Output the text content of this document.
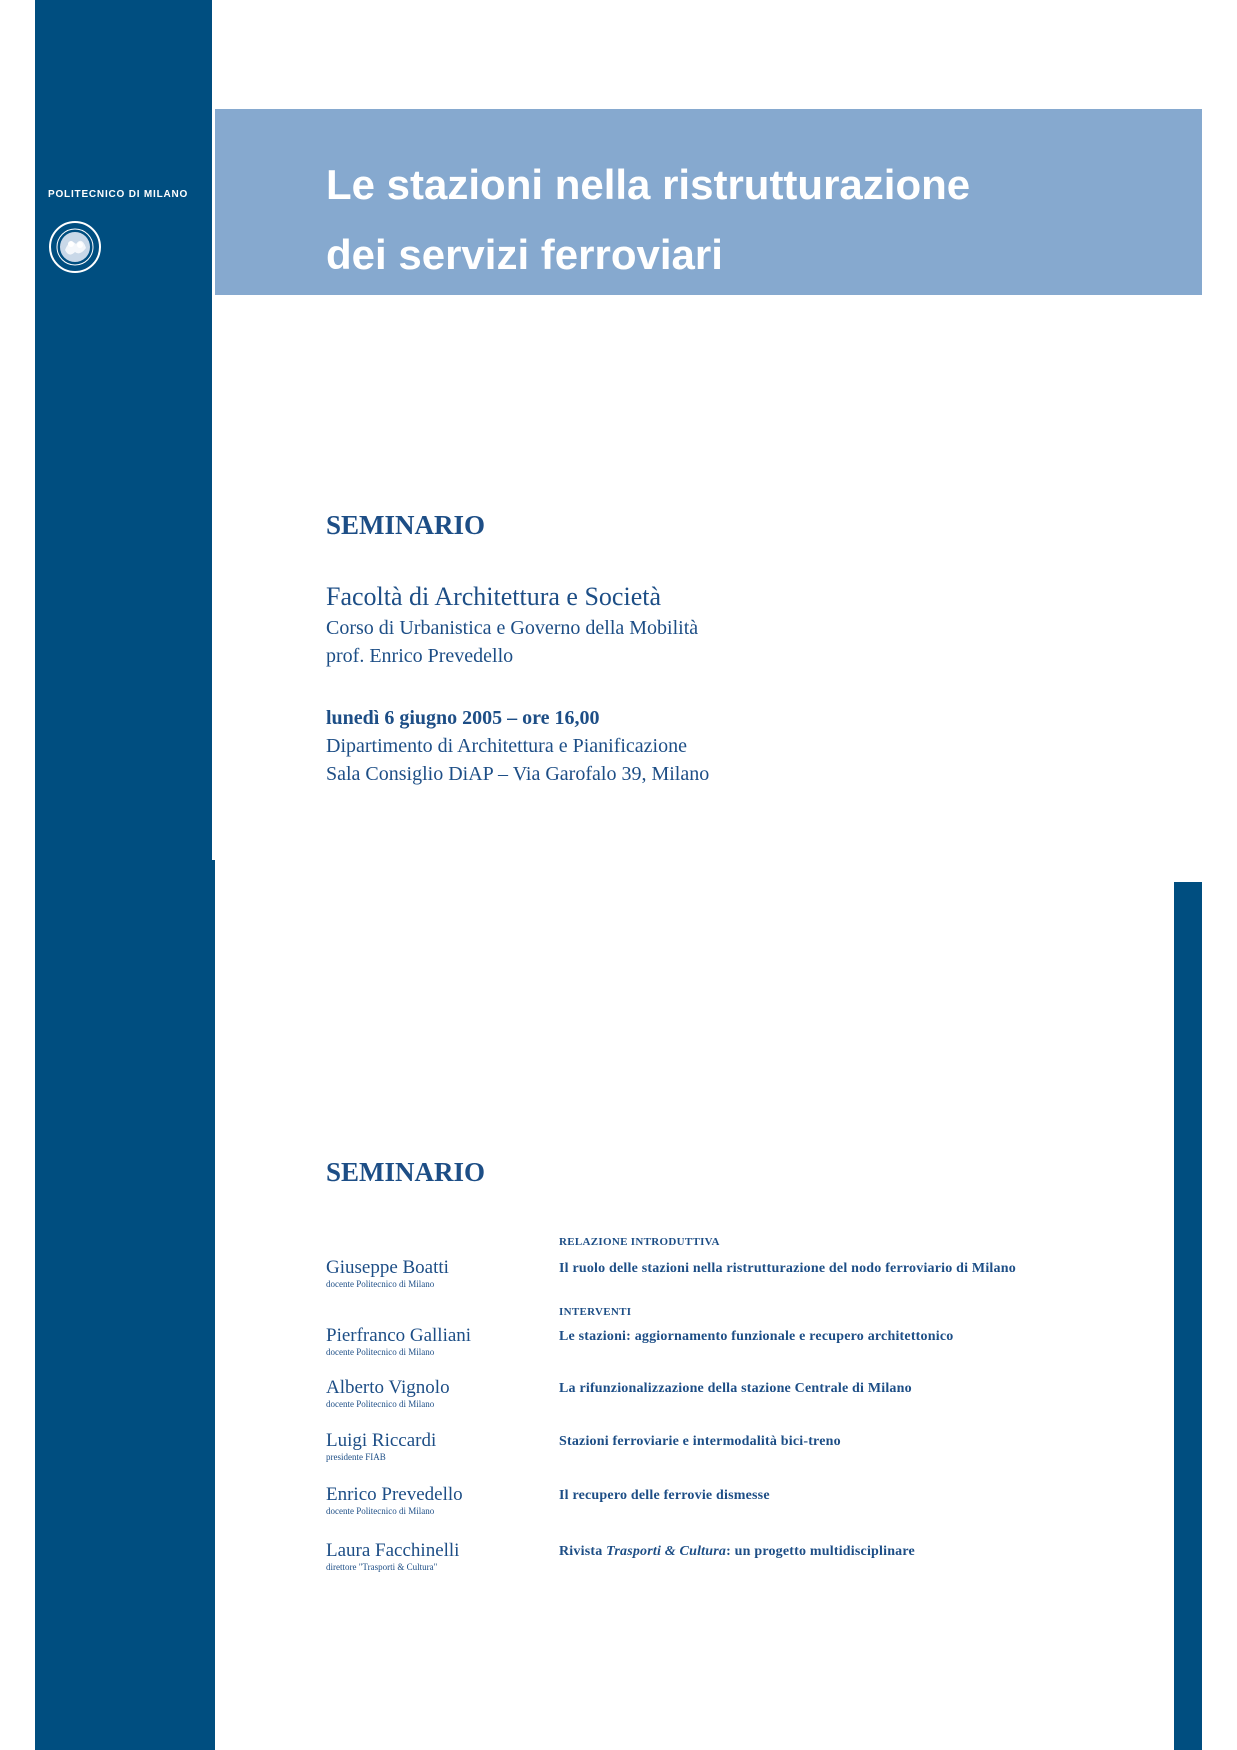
POLITECNICO DI MILANO	Le stazioni nella ristrutturazione
dei servizi ferroviari
SEMINARIO
Facoltà di Architettura e Società
Corso di Urbanistica e Governo della Mobilità
prof. Enrico Prevedello
lunedì 6 giugno 2005 – ore 16,00
Dipartimento di Architettura e Pianificazione
Sala Consiglio DiAP – Via Garofalo 39, Milano
SEMINARIO
RELAZIONE INTRODUTTIVA
INTERVENTI
Giuseppe Boatti
docente Politecnico di Milano
Il ruolo delle stazioni nella ristrutturazione del nodo ferroviario di Milano
Pierfranco Galliani
docente Politecnico di Milano
Le stazioni: aggiornamento funzionale e recupero architettonico
Alberto Vignolo
docente Politecnico di Milano
La rifunzionalizzazione della stazione Centrale di Milano
Luigi Riccardi
presidente FIAB
Stazioni ferroviarie e intermodalità bici-treno
Enrico Prevedello
docente Politecnico di Milano
Il recupero delle ferrovie dismesse
Laura Facchinelli
direttore "Trasporti & Cultura"
Rivista Trasporti & Cultura: un progetto multidisciplinare
